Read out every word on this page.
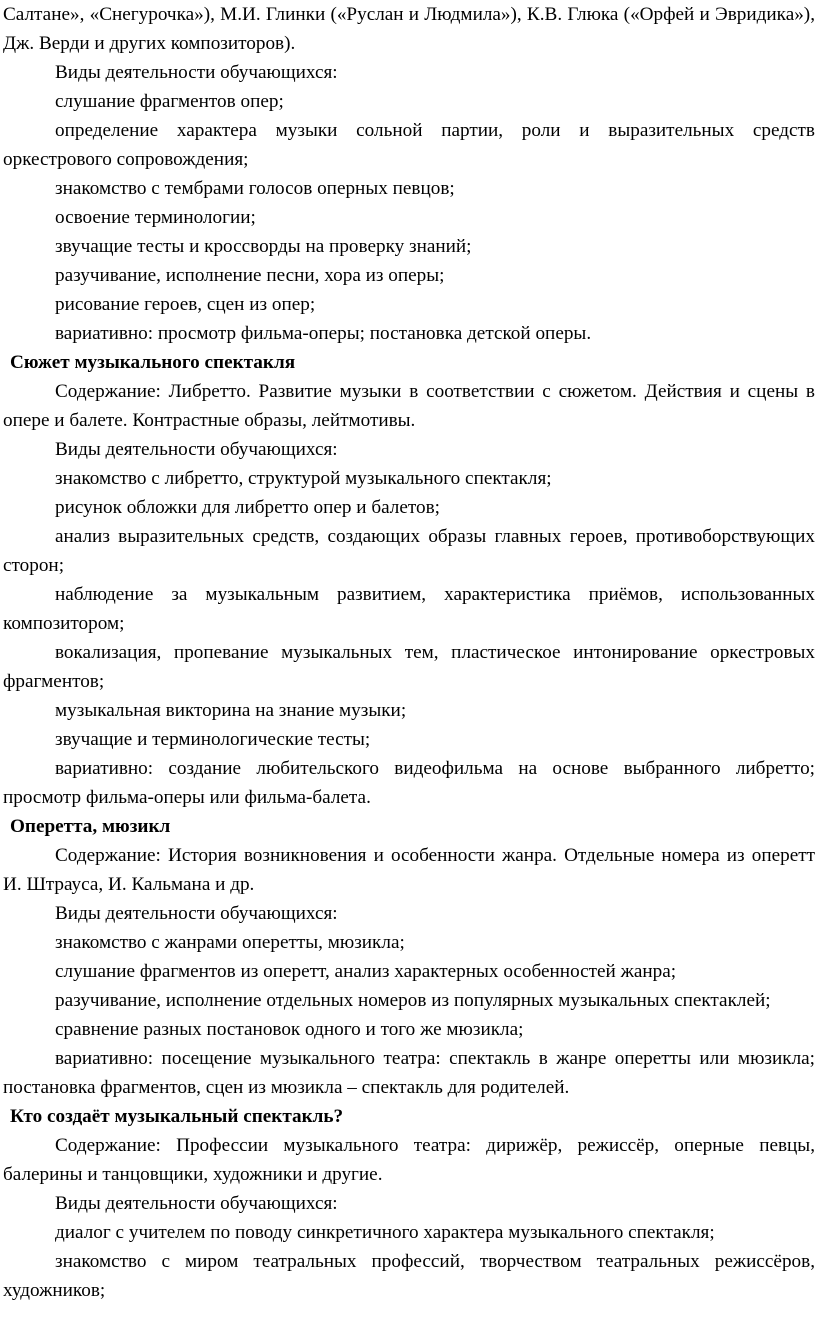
Салтане», «Снегурочка»), М.И. Глинки («Руслан и Людмила»), К.В. Глюка («Орфей и Эвридика»), Дж. Верди и других композиторов).

Виды деятельности обучающихся:

слушание фрагментов опер;

определение характера музыки сольной партии, роли и выразительных средств оркестрового сопровождения;

знакомство с тембрами голосов оперных певцов;

освоение терминологии;

звучащие тесты и кроссворды на проверку знаний;

разучивание, исполнение песни, хора из оперы;

рисование героев, сцен из опер;

вариативно: просмотр фильма-оперы; постановка детской оперы.

Сюжет музыкального спектакля

Содержание: Либретто. Развитие музыки в соответствии с сюжетом. Действия и сцены в опере и балете. Контрастные образы, лейтмотивы.

Виды деятельности обучающихся:

знакомство с либретто, структурой музыкального спектакля;

рисунок обложки для либретто опер и балетов;

анализ выразительных средств, создающих образы главных героев, противоборствующих сторон;

наблюдение за музыкальным развитием, характеристика приёмов, использованных композитором;

вокализация, пропевание музыкальных тем, пластическое интонирование оркестровых фрагментов;

музыкальная викторина на знание музыки;

звучащие и терминологические тесты;

вариативно: создание любительского видеофильма на основе выбранного либретто; просмотр фильма-оперы или фильма-балета.

Оперетта, мюзикл

Содержание: История возникновения и особенности жанра. Отдельные номера из оперетт И. Штрауса, И. Кальмана и др.

Виды деятельности обучающихся:

знакомство с жанрами оперетты, мюзикла;

слушание фрагментов из оперетт, анализ характерных особенностей жанра;

разучивание, исполнение отдельных номеров из популярных музыкальных спектаклей;

сравнение разных постановок одного и того же мюзикла;

вариативно: посещение музыкального театра: спектакль в жанре оперетты или мюзикла; постановка фрагментов, сцен из мюзикла – спектакль для родителей.

Кто создаёт музыкальный спектакль?

Содержание: Профессии музыкального театра: дирижёр, режиссёр, оперные певцы, балерины и танцовщики, художники и другие.

Виды деятельности обучающихся:

диалог с учителем по поводу синкретичного характера музыкального спектакля;

знакомство с миром театральных профессий, творчеством театральных режиссёров, художников;
